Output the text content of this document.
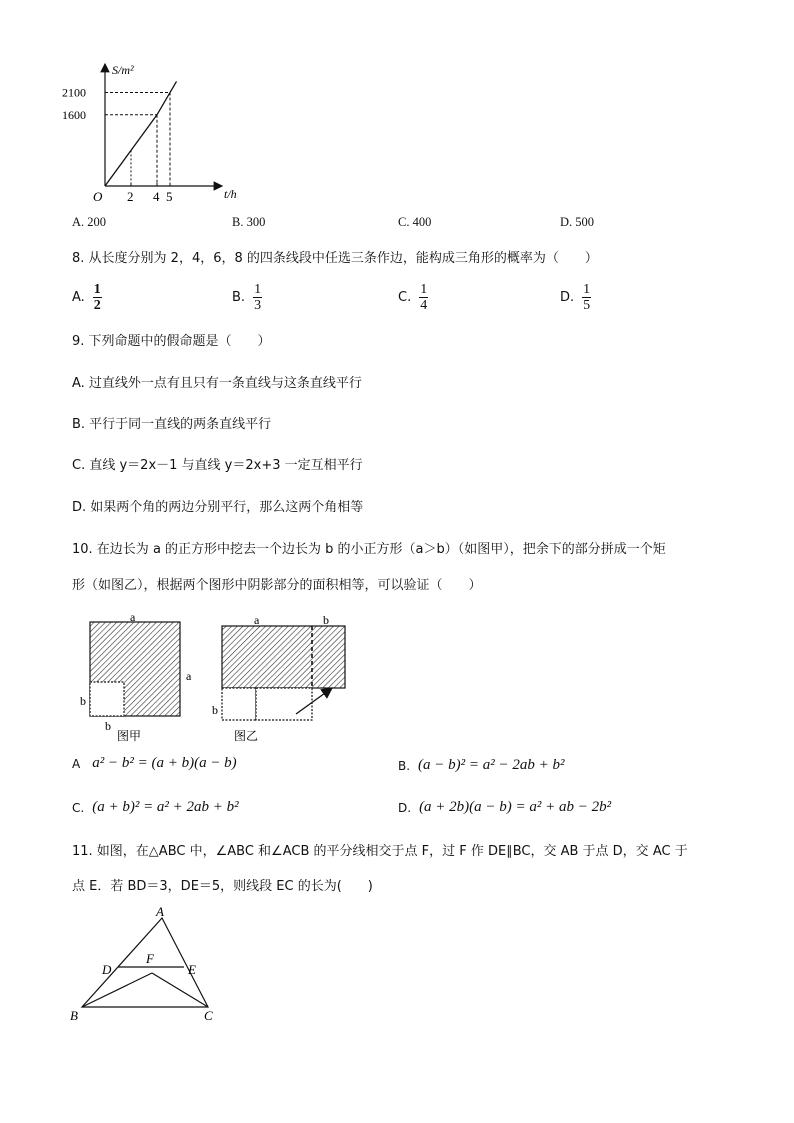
2 4 5
1600
2100
S/m²
t/h
O
A. 200	B. 300	C. 400	D. 500
8. 从长度分别为 2，4，6，8 的四条线段中任选三条作边，能构成三角形的概率为（　　）
A. $\frac{1}{2}$	B. $\frac{1}{3}$	C. $\frac{1}{4}$	D. $\frac{1}{5}$
9. 下列命题中的假命题是（　　）
A. 过直线外一点有且只有一条直线与这条直线平行
B. 平行于同一直线的两条直线平行
C. 直线 y＝2x－1 与直线 y＝2x+3 一定互相平行
D. 如果两个角的两边分别平行，那么这两个角相等
10. 在边长为 a 的正方形中挖去一个边长为 b 的小正方形（a＞b）（如图甲），把余下的部分拼成一个矩
形（如图乙），根据两个图形中阴影部分的面积相等，可以验证（　　）
a
a
b
b
图甲
a	b
b
图乙
A a² − b² = (a + b)(a − b)	B. (a − b)² = a² − 2ab + b²
C. (a + b)² = a² + 2ab + b²	D. (a + 2b)(a − b) = a² + ab − 2b²
11. 如图，在△ABC 中，∠ABC 和∠ACB 的平分线相交于点 F，过 F 作 DE∥BC，交 AB 于点 D，交 AC 于
点 E．若 BD＝3，DE＝5，则线段 EC 的长为(　　)
A
B	C
D	E
F
